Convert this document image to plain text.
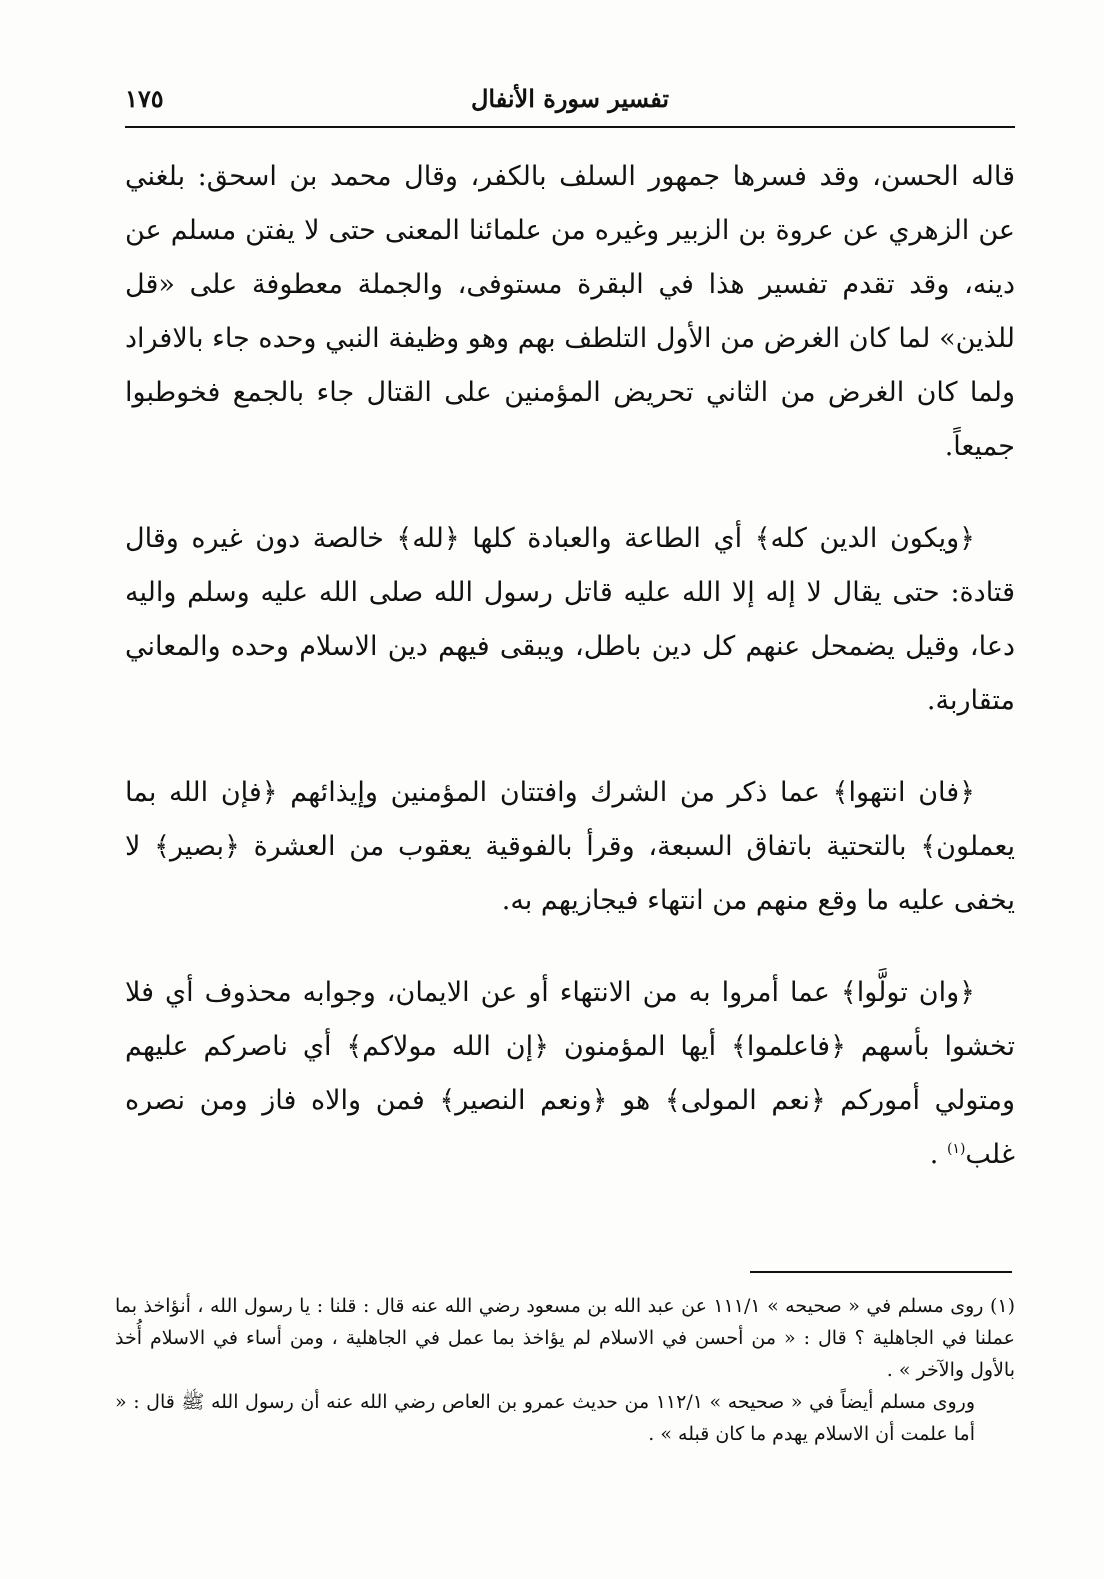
تفسير سورة الأنفال
١٧٥

قاله الحسن، وقد فسرها جمهور السلف بالكفر، وقال محمد بن اسحق: بلغني عن الزهري عن عروة بن الزبير وغيره من علمائنا المعنى حتى لا يفتن مسلم عن دينه، وقد تقدم تفسير هذا في البقرة مستوفى، والجملة معطوفة على «قل للذين» لما كان الغرض من الأول التلطف بهم وهو وظيفة النبي وحده جاء بالافراد ولما كان الغرض من الثاني تحريض المؤمنين على القتال جاء بالجمع فخوطبوا جميعاً.

﴿ويكون الدين كله﴾ أي الطاعة والعبادة كلها ﴿لله﴾ خالصة دون غيره وقال قتادة: حتى يقال لا إله إلا الله عليه قاتل رسول الله صلى الله عليه وسلم واليه دعا، وقيل يضمحل عنهم كل دين باطل، ويبقى فيهم دين الاسلام وحده والمعاني متقاربة.

﴿فان انتهوا﴾ عما ذكر من الشرك وافتتان المؤمنين وإيذائهم ﴿فإن الله بما يعملون﴾ بالتحتية باتفاق السبعة، وقرأ بالفوقية يعقوب من العشرة ﴿بصير﴾ لا يخفى عليه ما وقع منهم من انتهاء فيجازيهم به.

﴿وان تولَّوا﴾ عما أمروا به من الانتهاء أو عن الايمان، وجوابه محذوف أي فلا تخشوا بأسهم ﴿فاعلموا﴾ أيها المؤمنون ﴿إن الله مولاكم﴾ أي ناصركم عليهم ومتولي أموركم ﴿نعم المولى﴾ هو ﴿ونعم النصير﴾ فمن والاه فاز ومن نصره غلب$^{(١)}$ .

(١) روى مسلم في « صحيحه » ١١١/١ عن عبد الله بن مسعود رضي الله عنه قال : قلنا : يا رسول الله ، أنؤاخذ بما عملنا في الجاهلية ؟ قال : « من أحسن في الاسلام لم يؤاخذ بما عمل في الجاهلية ، ومن أساء في الاسلام أُخذ بالأول والآخر » .

وروى مسلم أيضاً في « صحيحه » ١١٢/١ من حديث عمرو بن العاص رضي الله عنه أن رسول الله ﷺ قال : « أما علمت أن الاسلام يهدم ما كان قبله » .
